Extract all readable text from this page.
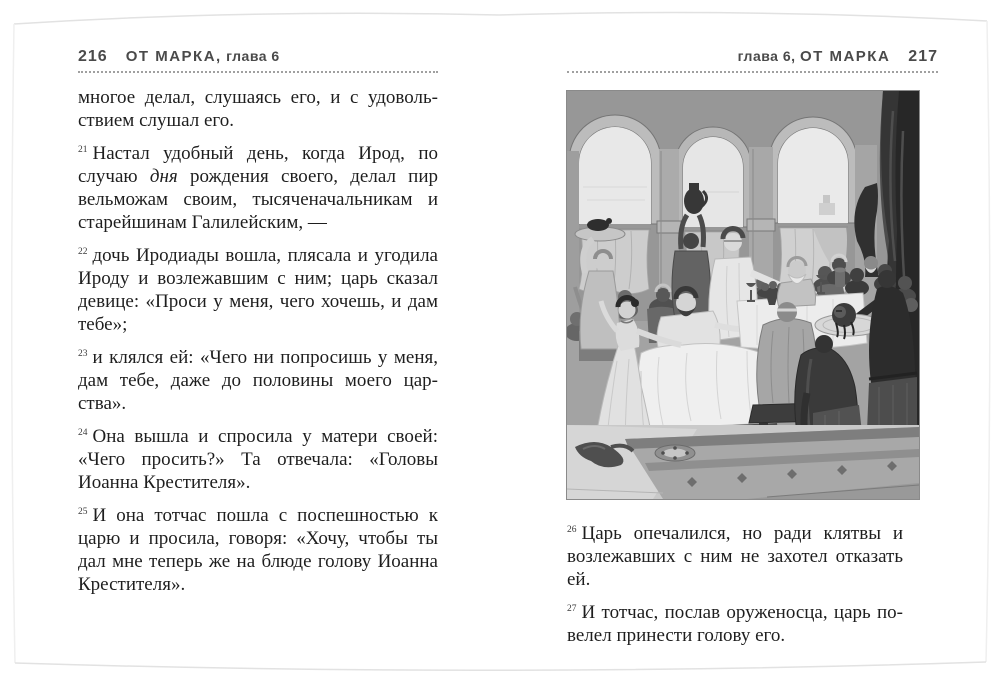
216 ОТ МАРКА, глава 6

многое делал, слушаясь его, и с удовольствием слушал его.

$^{21}$ Настал удобный день, когда Ирод, по случаю дня рождения своего, делал пир вельможам своим, тысяченачальникам и старейшинам Галилейским, —

$^{22}$ дочь Иродиады вошла, плясала и угодила Ироду и возлежавшим с ним; царь сказал девице: «Проси у меня, чего хочешь, и дам тебе»;

$^{23}$ и клялся ей: «Чего ни попросишь у меня, дам тебе, даже до половины моего царства».

$^{24}$ Она вышла и спросила у матери своей: «Чего просить?» Та отвечала: «Головы Иоанна Крестителя».

$^{25}$ И она тотчас пошла с поспешностью к царю и просила, говоря: «Хочу, чтобы ты дал мне теперь же на блюде голову Иоанна Крестителя».

глава 6, ОТ МАРКА 217

$^{26}$ Царь опечалился, но ради клятвы и возлежавших с ним не захотел отказать ей.

$^{27}$ И тотчас, послав оруженосца, царь повелел принести голову его.
